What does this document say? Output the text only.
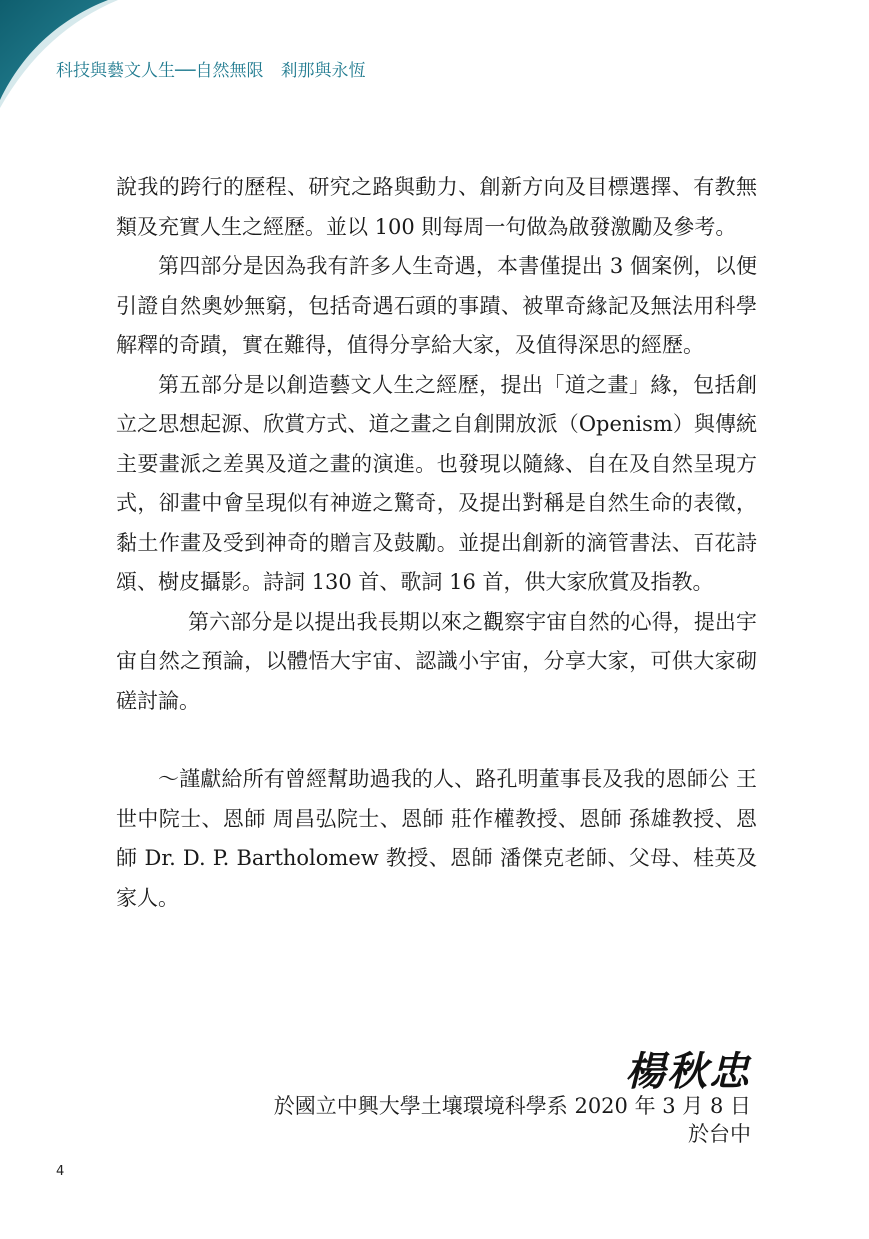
科技與藝文人生──自然無限　剎那與永恆

說我的跨行的歷程、研究之路與動力、創新方向及目標選擇、有教無類及充實人生之經歷。並以 100 則每周一句做為啟發激勵及參考。

第四部分是因為我有許多人生奇遇，本書僅提出 3 個案例，以便引證自然奧妙無窮，包括奇遇石頭的事蹟、被單奇緣記及無法用科學解釋的奇蹟，實在難得，值得分享給大家，及值得深思的經歷。

第五部分是以創造藝文人生之經歷，提出「道之畫」緣，包括創立之思想起源、欣賞方式、道之畫之自創開放派（Openism）與傳統主要畫派之差異及道之畫的演進。也發現以隨緣、自在及自然呈現方式，卻畫中會呈現似有神遊之驚奇，及提出對稱是自然生命的表徵，黏土作畫及受到神奇的贈言及鼓勵。並提出創新的滴管書法、百花詩頌、樹皮攝影。詩詞 130 首、歌詞 16 首，供大家欣賞及指教。

第六部分是以提出我長期以來之觀察宇宙自然的心得，提出宇宙自然之預論，以體悟大宇宙、認識小宇宙，分享大家，可供大家砌磋討論。

～謹獻給所有曾經幫助過我的人、路孔明董事長及我的恩師公 王世中院士、恩師 周昌弘院士、恩師 莊作權教授、恩師 孫雄教授、恩師 Dr. D. P. Bartholomew 教授、恩師 潘傑克老師、父母、桂英及家人。

楊秋忠
於國立中興大學土壤環境科學系 2020 年 3 月 8 日
於台中
4
